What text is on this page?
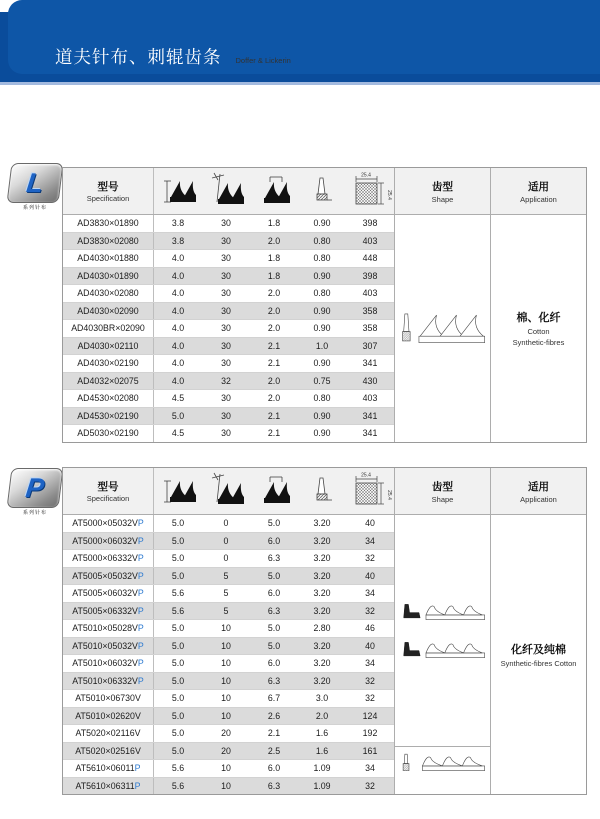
道夫针布、刺辊齿条 Doffer & Lickerin
L
系列针布
型号
Specification
25.4
25.4
AD3830×01890	3.8	30	1.8	0.90	398
AD3830×02080	3.8	30	2.0	0.80	403
AD4030×01880	4.0	30	1.8	0.80	448
AD4030×01890	4.0	30	1.8	0.90	398
AD4030×02080	4.0	30	2.0	0.80	403
AD4030×02090	4.0	30	2.0	0.90	358
AD4030BR×02090	4.0	30	2.0	0.90	358
AD4030×02110	4.0	30	2.1	1.0	307
AD4030×02190	4.0	30	2.1	0.90	341
AD4032×02075	4.0	32	2.0	0.75	430
AD4530×02080	4.5	30	2.0	0.80	403
AD4530×02190	5.0	30	2.1	0.90	341
AD5030×02190	4.5	30	2.1	0.90	341
齿型
Shape
适用
Application
棉、化纤
Cotton
Synthetic-fibres
P
系列针布
型号
Specification
25.4
25.4
AT5000×05032V P	5.0	0	5.0	3.20	40
AT5000×06032V P	5.0	0	6.0	3.20	34
AT5000×06332V P	5.0	0	6.3	3.20	32
AT5005×05032V P	5.0	5	5.0	3.20	40
AT5005×06032V P	5.6	5	6.0	3.20	34
AT5005×06332V P	5.6	5	6.3	3.20	32
AT5010×05028V P	5.0	10	5.0	2.80	46
AT5010×05032V P	5.0	10	5.0	3.20	40
AT5010×06032V P	5.0	10	6.0	3.20	34
AT5010×06332V P	5.0	10	6.3	3.20	32
AT5010×06730V	5.0	10	6.7	3.0	32
AT5010×02620V	5.0	10	2.6	2.0	124
AT5020×02116V	5.0	20	2.1	1.6	192
AT5020×02516V	5.0	20	2.5	1.6	161
AT5610×06011 P	5.6	10	6.0	1.09	34
AT5610×06311 P	5.6	10	6.3	1.09	32
齿型
Shape
适用
Application
化纤及纯棉
Synthetic-fibres Cotton
